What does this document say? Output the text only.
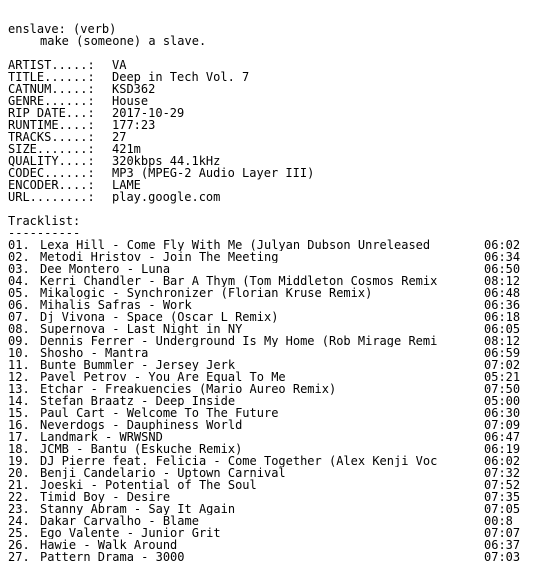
enslave: (verb)
make (someone) a slave.
ARTIST.....:	VA
TITLE......:	Deep in Tech Vol. 7
CATNUM.....:	KSD362
GENRE......:	House
RIP DATE...:	2017-10-29
RUNTIME....:	177:23
TRACKS.....:	27
SIZE.......:	421m
QUALITY....:	320kbps 44.1kHz
CODEC......:	MP3 (MPEG-2 Audio Layer III)
ENCODER....:	LAME
URL........:	play.google.com
Tracklist:
----------
01. Lexa Hill - Come Fly With Me (Julyan Dubson Unreleased	06:02
02. Metodi Hristov - Join The Meeting	06:34
03. Dee Montero - Luna	06:50
04. Kerri Chandler - Bar A Thym (Tom Middleton Cosmos Remix	08:12
05. Mikalogic - Synchronizer (Florian Kruse Remix)	06:48
06. Mihalis Safras - Work	06:36
07. Dj Vivona - Space (Oscar L Remix)	06:18
08. Supernova - Last Night in NY	06:05
09. Dennis Ferrer - Underground Is My Home (Rob Mirage Remi	08:12
10. Shosho - Mantra	06:59
11. Bunte Bummler - Jersey Jerk	07:02
12. Pavel Petrov - You Are Equal To Me	05:21
13. Etchar - Freakuencies (Mario Aureo Remix)	07:50
14. Stefan Braatz - Deep Inside	05:00
15. Paul Cart - Welcome To The Future	06:30
16. Neverdogs - Dauphiness World	07:09
17. Landmark - WRWSND	06:47
18. JCMB - Bantu (Eskuche Remix)	06:19
19. DJ Pierre feat. Felicia - Come Together (Alex Kenji Voc	06:02
20. Benji Candelario - Uptown Carnival	07:32
21. Joeski - Potential of The Soul	07:52
22. Timid Boy - Desire	07:35
23. Stanny Abram - Say It Again	07:05
24. Dakar Carvalho - Blame	00:8
25. Ego Valente - Junior Grit	07:07
26. Hawie - Walk Around	06:37
27. Pattern Drama - 3000	07:03
